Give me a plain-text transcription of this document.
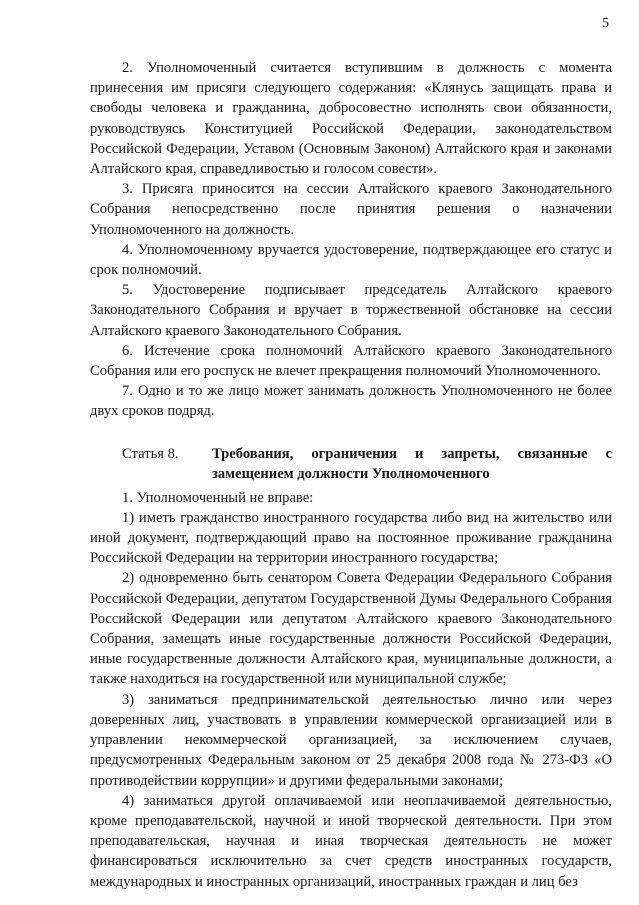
5

2. Уполномоченный считается вступившим в должность с момента принесения им присяги следующего содержания: «Клянусь защищать права и свободы человека и гражданина, добросовестно исполнять свои обязанности, руководствуясь Конституцией Российской Федерации, законодательством Российской Федерации, Уставом (Основным Законом) Алтайского края и законами Алтайского края, справедливостью и голосом совести».

3. Присяга приносится на сессии Алтайского краевого Законодательного Собрания непосредственно после принятия решения о назначении Уполномоченного на должность.

4. Уполномоченному вручается удостоверение, подтверждающее его статус и срок полномочий.

5. Удостоверение подписывает председатель Алтайского краевого Законодательного Собрания и вручает в торжественной обстановке на сессии Алтайского краевого Законодательного Собрания.

6. Истечение срока полномочий Алтайского краевого Законодательного Собрания или его роспуск не влечет прекращения полномочий Уполномоченного.

7. Одно и то же лицо может занимать должность Уполномоченного не более двух сроков подряд.

Статья 8.	Требования, ограничения и запреты, связанные с замещением должности Уполномоченного

1. Уполномоченный не вправе:

1) иметь гражданство иностранного государства либо вид на жительство или иной документ, подтверждающий право на постоянное проживание гражданина Российской Федерации на территории иностранного государства;

2) одновременно быть сенатором Совета Федерации Федерального Собрания Российской Федерации, депутатом Государственной Думы Федерального Собрания Российской Федерации или депутатом Алтайского краевого Законодательного Собрания, замещать иные государственные должности Российской Федерации, иные государственные должности Алтайского края, муниципальные должности, а также находиться на государственной или муниципальной службе;

3) заниматься предпринимательской деятельностью лично или через доверенных лиц, участвовать в управлении коммерческой организацией или в управлении некоммерческой организацией, за исключением случаев, предусмотренных Федеральным законом от 25 декабря 2008 года № 273-ФЗ «О противодействии коррупции» и другими федеральными законами;

4) заниматься другой оплачиваемой или неоплачиваемой деятельностью, кроме преподавательской, научной и иной творческой деятельности. При этом преподавательская, научная и иная творческая деятельность не может финансироваться исключительно за счет средств иностранных государств, международных и иностранных организаций, иностранных граждан и лиц без
